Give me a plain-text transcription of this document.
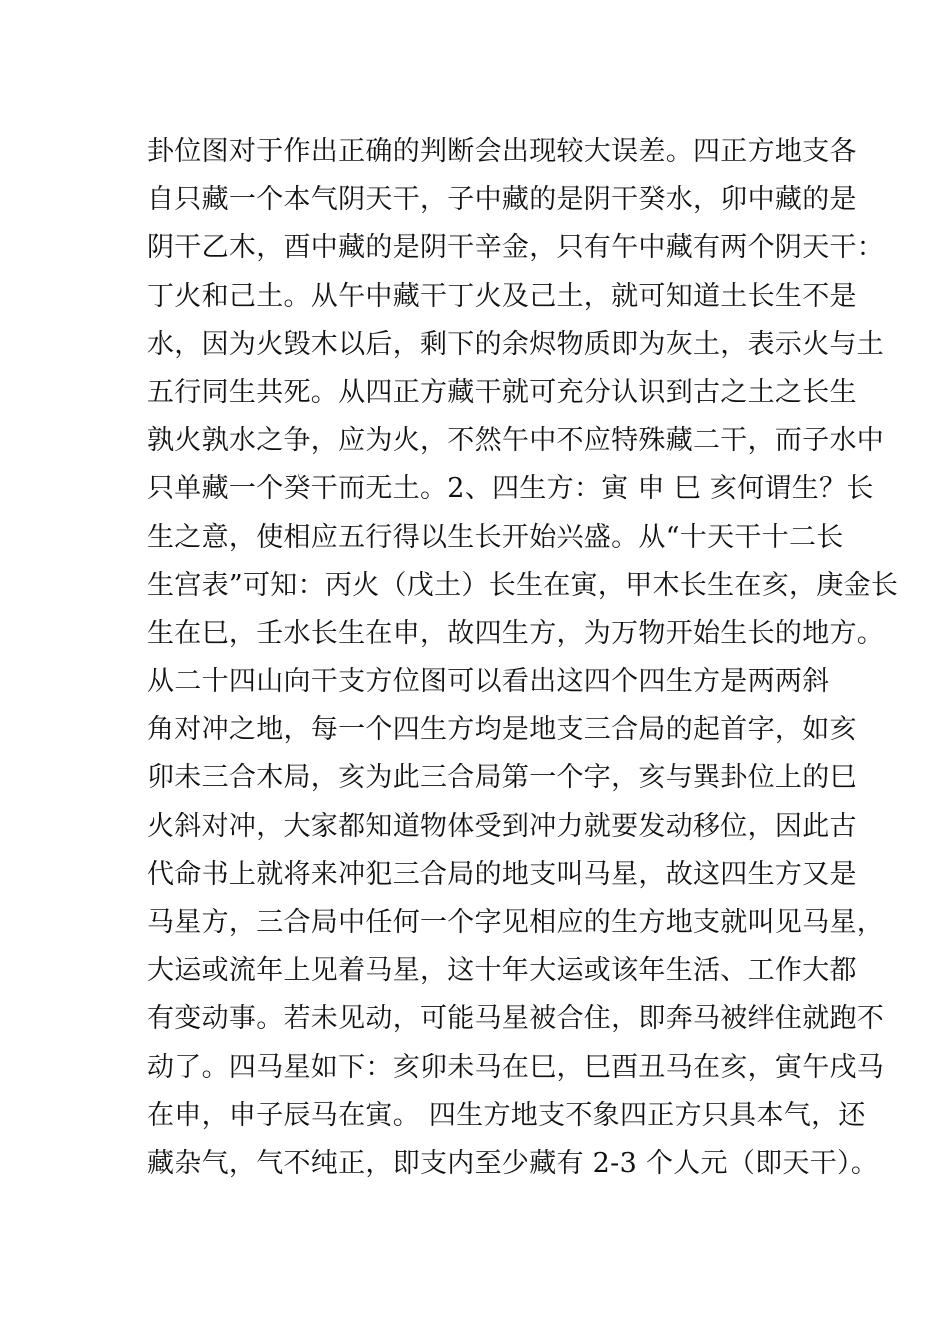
卦位图对于作出正确的判断会出现较大误差。四正方地支各
自只藏一个本气阴天干，子中藏的是阴干癸水，卯中藏的是
阴干乙木，酉中藏的是阴干辛金，只有午中藏有两个阴天干：
丁火和己土。从午中藏干丁火及己土，就可知道土长生不是
水，因为火毁木以后，剩下的余烬物质即为灰土，表示火与土
五行同生共死。从四正方藏干就可充分认识到古之土之长生
孰火孰水之争，应为火，不然午中不应特殊藏二干，而子水中
只单藏一个癸干而无土。2、四生方：寅 申 巳 亥何谓生？长
生之意，使相应五行得以生长开始兴盛。从“十天干十二长
生宫表”可知：丙火（戊土）长生在寅，甲木长生在亥，庚金长
生在巳，壬水长生在申，故四生方，为万物开始生长的地方。
从二十四山向干支方位图可以看出这四个四生方是两两斜
角对冲之地，每一个四生方均是地支三合局的起首字，如亥
卯未三合木局，亥为此三合局第一个字，亥与巽卦位上的巳
火斜对冲，大家都知道物体受到冲力就要发动移位，因此古
代命书上就将来冲犯三合局的地支叫马星，故这四生方又是
马星方，三合局中任何一个字见相应的生方地支就叫见马星，
大运或流年上见着马星，这十年大运或该年生活、工作大都
有变动事。若未见动，可能马星被合住，即奔马被绊住就跑不
动了。四马星如下：亥卯未马在巳，巳酉丑马在亥，寅午戌马
在申，申子辰马在寅。 四生方地支不象四正方只具本气，还
藏杂气，气不纯正，即支内至少藏有 2-3 个人元（即天干）。
